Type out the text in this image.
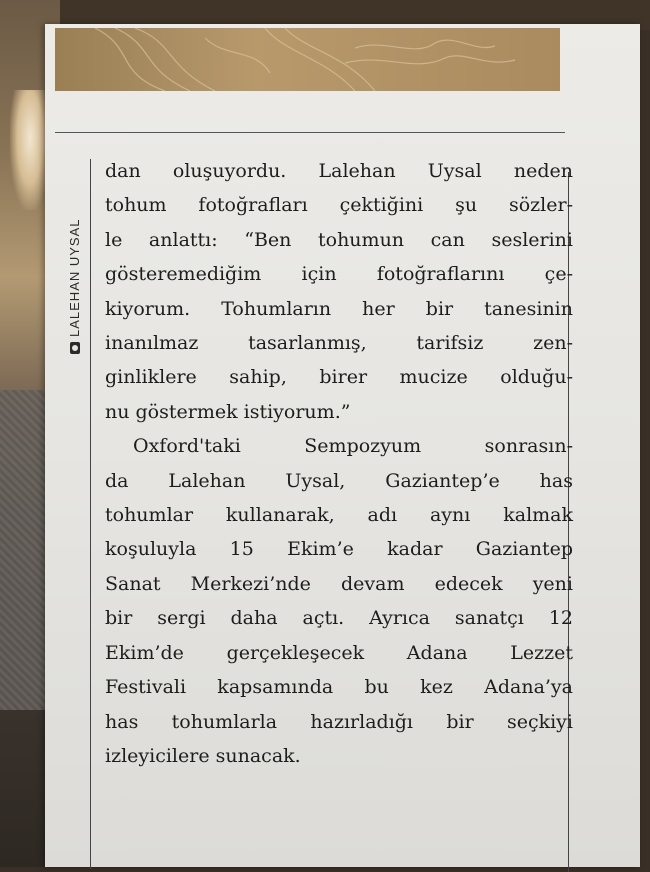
LALEHAN UYSAL
dan oluşuyordu. Lalehan Uysal neden
tohum fotoğrafları çektiğini şu sözler-
le anlattı: “Ben tohumun can seslerini
gösteremediğim için fotoğraflarını çe-
kiyorum. Tohumların her bir tanesinin
inanılmaz tasarlanmış, tarifsiz zen-
ginliklere sahip, birer mucize olduğu-
nu göstermek istiyorum.”
Oxford'taki Sempozyum sonrasın-
da Lalehan Uysal, Gaziantep’e has
tohumlar kullanarak, adı aynı kalmak
koşuluyla 15 Ekim’e kadar Gaziantep
Sanat Merkezi’nde devam edecek yeni
bir sergi daha açtı. Ayrıca sanatçı 12
Ekim’de gerçekleşecek Adana Lezzet
Festivali kapsamında bu kez Adana’ya
has tohumlarla hazırladığı bir seçkiyi
izleyicilere sunacak.
